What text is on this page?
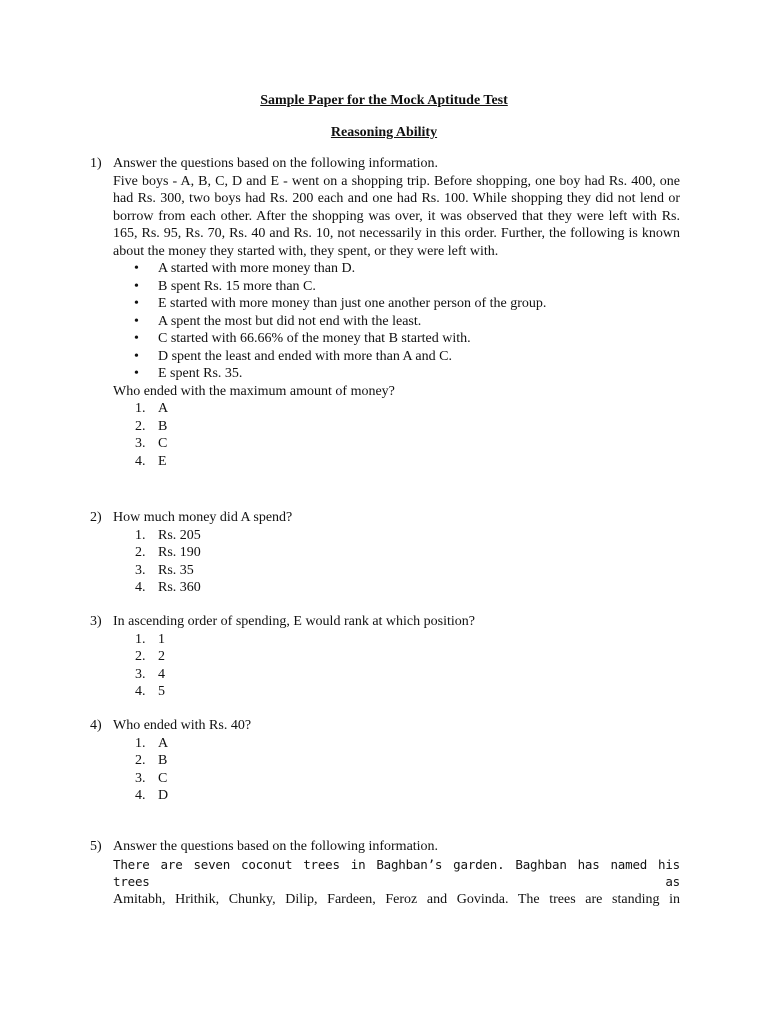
Sample Paper for the Mock Aptitude Test
Reasoning Ability
1) Answer the questions based on the following information.
Five boys - A, B, C, D and E - went on a shopping trip. Before shopping, one boy had Rs. 400, one had Rs. 300, two boys had Rs. 200 each and one had Rs. 100. While shopping they did not lend or borrow from each other. After the shopping was over, it was observed that they were left with Rs. 165, Rs. 95, Rs. 70, Rs. 40 and Rs. 10, not necessarily in this order. Further, the following is known about the money they started with, they spent, or they were left with.
• A started with more money than D.
• B spent Rs. 15 more than C.
• E started with more money than just one another person of the group.
• A spent the most but did not end with the least.
• C started with 66.66% of the money that B started with.
• D spent the least and ended with more than A and C.
• E spent Rs. 35.
Who ended with the maximum amount of money?
1. A
2. B
3. C
4. E
2) How much money did A spend?
1. Rs. 205
2. Rs. 190
3. Rs. 35
4. Rs. 360
3) In ascending order of spending, E would rank at which position?
1. 1
2. 2
3. 4
4. 5
4) Who ended with Rs. 40?
1. A
2. B
3. C
4. D
5) Answer the questions based on the following information.
There are seven coconut trees in Baghban’s garden. Baghban has named his trees as
Amitabh, Hrithik, Chunky, Dilip, Fardeen, Feroz and Govinda. The trees are standing in
